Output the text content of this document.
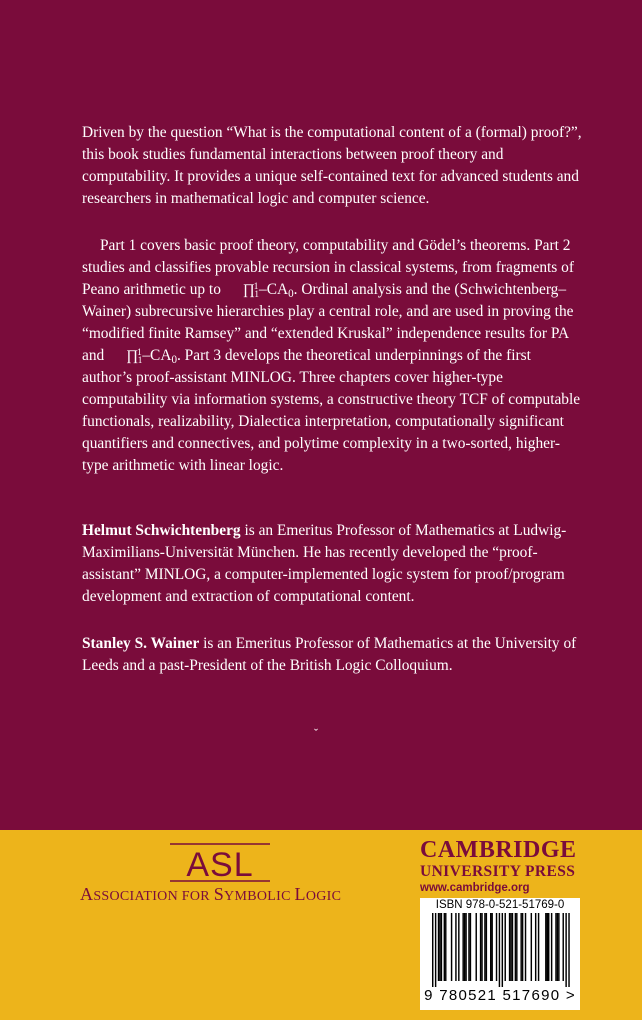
Driven by the question “What is the computational content of a (formal) proof?”, this book studies fundamental interactions between proof theory and computability. It provides a unique self-contained text for advanced students and researchers in mathematical logic and computer science.

Part 1 covers basic proof theory, computability and Gödel’s theorems. Part 2 studies and classifies provable recursion in classical systems, from fragments of Peano arithmetic up to $\prod^1_1-CA_0$. Ordinal analysis and the (Schwichtenberg–Wainer) subrecursive hierarchies play a central role, and are used in proving the “modified finite Ramsey” and “extended Kruskal” independence results for PA and $\prod^1_1-CA_0$. Part 3 develops the theoretical underpinnings of the first author’s proof-assistant MINLOG. Three chapters cover higher-type computability via information systems, a constructive theory TCF of computable functionals, realizability, Dialectica interpretation, computationally significant quantifiers and connectives, and polytime complexity in a two-sorted, higher-type arithmetic with linear logic.

Helmut Schwichtenberg is an Emeritus Professor of Mathematics at Ludwig-Maximilians-Universität München. He has recently developed the “proof-assistant” MINLOG, a computer-implemented logic system for proof/program development and extraction of computational content.

Stanley S. Wainer is an Emeritus Professor of Mathematics at the University of Leeds and a past-President of the British Logic Colloquium.

ˇ
ASL
ASSOCIATION FOR SYMBOLIC LOGIC
CAMBRIDGE
UNIVERSITY PRESS
www.cambridge.org
ISBN 978-0-521-51769-0
9 780521 517690 >
